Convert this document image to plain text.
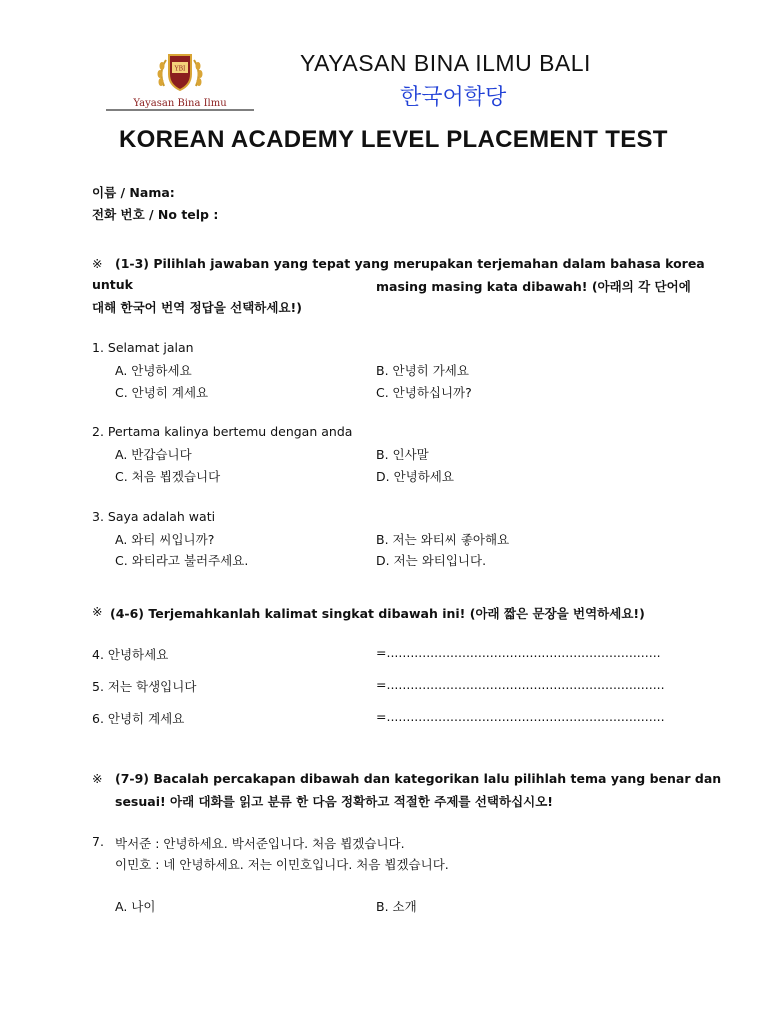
YBI
Yayasan Bina Ilmu
YAYASAN BINA ILMU BALI
한국어학당
KOREAN ACADEMY LEVEL PLACEMENT TEST
이름 / Nama:
전화 번호 / No telp :
※ (1-3) Pilihlah jawaban yang tepat yang merupakan terjemahan dalam bahasa korea
untuk	masing masing kata dibawah! (아래의 각 단어에
대해 한국어 번역 정답을 선택하세요!)
1. Selamat jalan
A. 안녕하세요	B. 안녕히 가세요
C. 안녕히 계세요	C. 안녕하십니까?
2. Pertama kalinya bertemu dengan anda
A. 반갑습니다	B. 인사말
C. 처음 뵙겠습니다	D. 안녕하세요
3. Saya adalah wati
A. 와티 씨입니까?	B. 저는 와티씨 좋아해요
C. 와티라고 불러주세요.	D. 저는 와티입니다.
※ (4-6) Terjemahkanlah kalimat singkat dibawah ini! (아래 짧은 문장을 번역하세요!)
4. 안녕하세요	=.....................................................................
5. 저는 학생입니다	=......................................................................
6. 안녕히 계세요	=......................................................................
※ (7-9) Bacalah percakapan dibawah dan kategorikan lalu pilihlah tema yang benar dan
sesuai! 아래 대화를 읽고 분류 한 다음 정확하고 적절한 주제를 선택하십시오!
7. 박서준 : 안녕하세요. 박서준입니다. 처음 뵙겠습니다.
이민호 : 네 안녕하세요. 저는 이민호입니다. 처음 뵙겠습니다.
A. 나이	B. 소개
